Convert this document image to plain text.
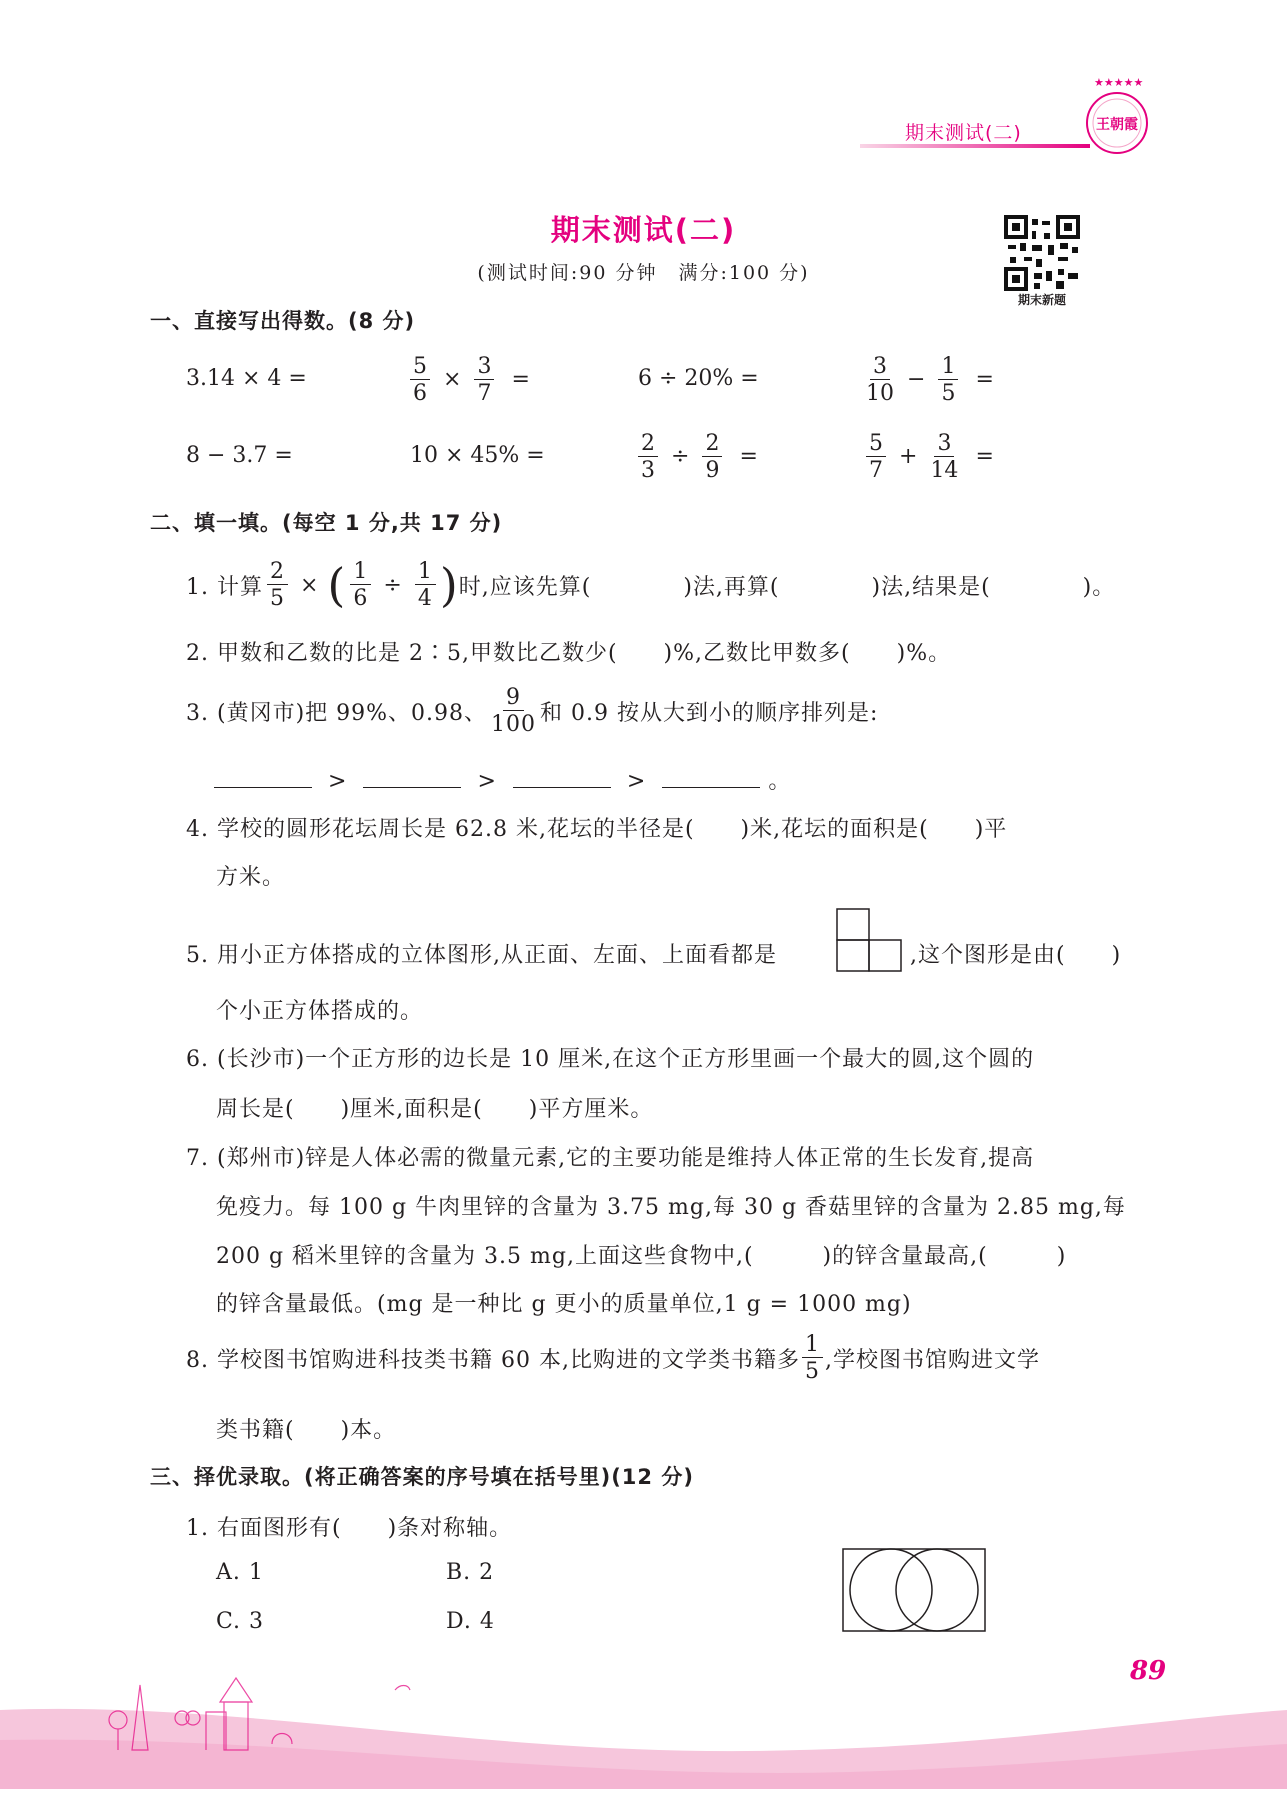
期末测试(二)
★★★★★
王朝霞
期末测试(二)
(测试时间:90 分钟　满分:100 分)
期末新题
一、直接写出得数。(8 分)
3.14 × 4 =	$\frac{5}{6} \times \frac{3}{7}$ =	6 ÷ 20% =	$\frac{3}{10} - \frac{1}{5}$ =
8 − 3.7 =	10 × 45% =	$\frac{2}{3} \div \frac{2}{9}$ =	$\frac{5}{7} + \frac{3}{14}$ =
二、填一填。(每空 1 分,共 17 分)
1. 计算 $\frac{2}{5}$ × ( $\frac{1}{6} \div \frac{1}{4}$ ) 时,应该先算(　　　　)法,再算(　　　　)法,结果是(　　　　)。
2. 甲数和乙数的比是 2∶5,甲数比乙数少(　　)%,乙数比甲数多(　　)%。
3. (黄冈市)把 99%、0.98、 $\frac{9}{100}$ 和 0.9 按从大到小的顺序排列是:
>	>	>	。
4. 学校的圆形花坛周长是 62.8 米,花坛的半径是(　　)米,花坛的面积是(　　)平
方米。
5. 用小正方体搭成的立体图形,从正面、左面、上面看都是	,这个图形是由(　　)
个小正方体搭成的。
6. (长沙市)一个正方形的边长是 10 厘米,在这个正方形里画一个最大的圆,这个圆的
周长是(　　)厘米,面积是(　　)平方厘米。
7. (郑州市)锌是人体必需的微量元素,它的主要功能是维持人体正常的生长发育,提高
免疫力。每 100 g 牛肉里锌的含量为 3.75 mg,每 30 g 香菇里锌的含量为 2.85 mg,每
200 g 稻米里锌的含量为 3.5 mg,上面这些食物中,(　　　)的锌含量最高,(　　　)
的锌含量最低。(mg 是一种比 g 更小的质量单位,1 g = 1000 mg)
8. 学校图书馆购进科技类书籍 60 本,比购进的文学类书籍多 $\frac{1}{5}$ ,学校图书馆购进文学
类书籍(　　)本。
三、择优录取。(将正确答案的序号填在括号里)(12 分)
1. 右面图形有(　　)条对称轴。
A. 1	B. 2
C. 3	D. 4
89
